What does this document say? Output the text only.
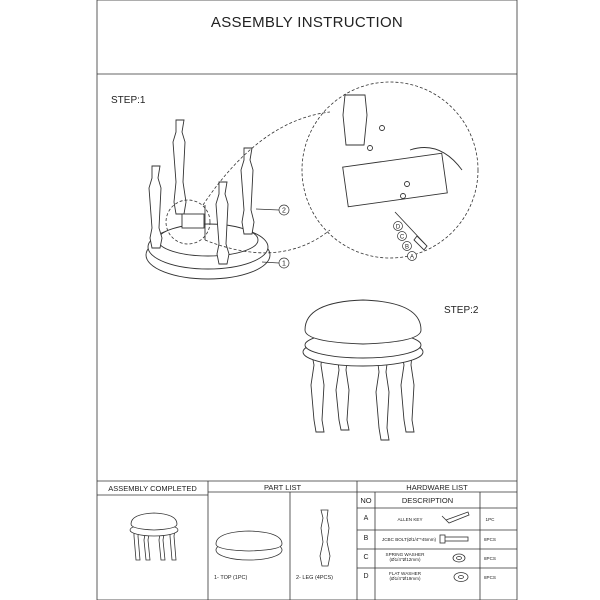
ASSEMBLY INSTRUCTION
STEP:1
STEP:2
2
1
D
C
B
A
ASSEMBLY COMPLETED	PART LIST	HARDWARE LIST
NO	DESCRIPTION
1- TOP (1PC)	2- LEG (4PCS)
A	ALLEN KEY	1PC
B	JCBC BOLT(Ø1/4"*45mm)	8PCS
C	SPRING WASHER (Ø1/4"Ø12mm)	8PCS
D	FLAT WASHER (Ø1/4"Ø19mm)	8PCS
